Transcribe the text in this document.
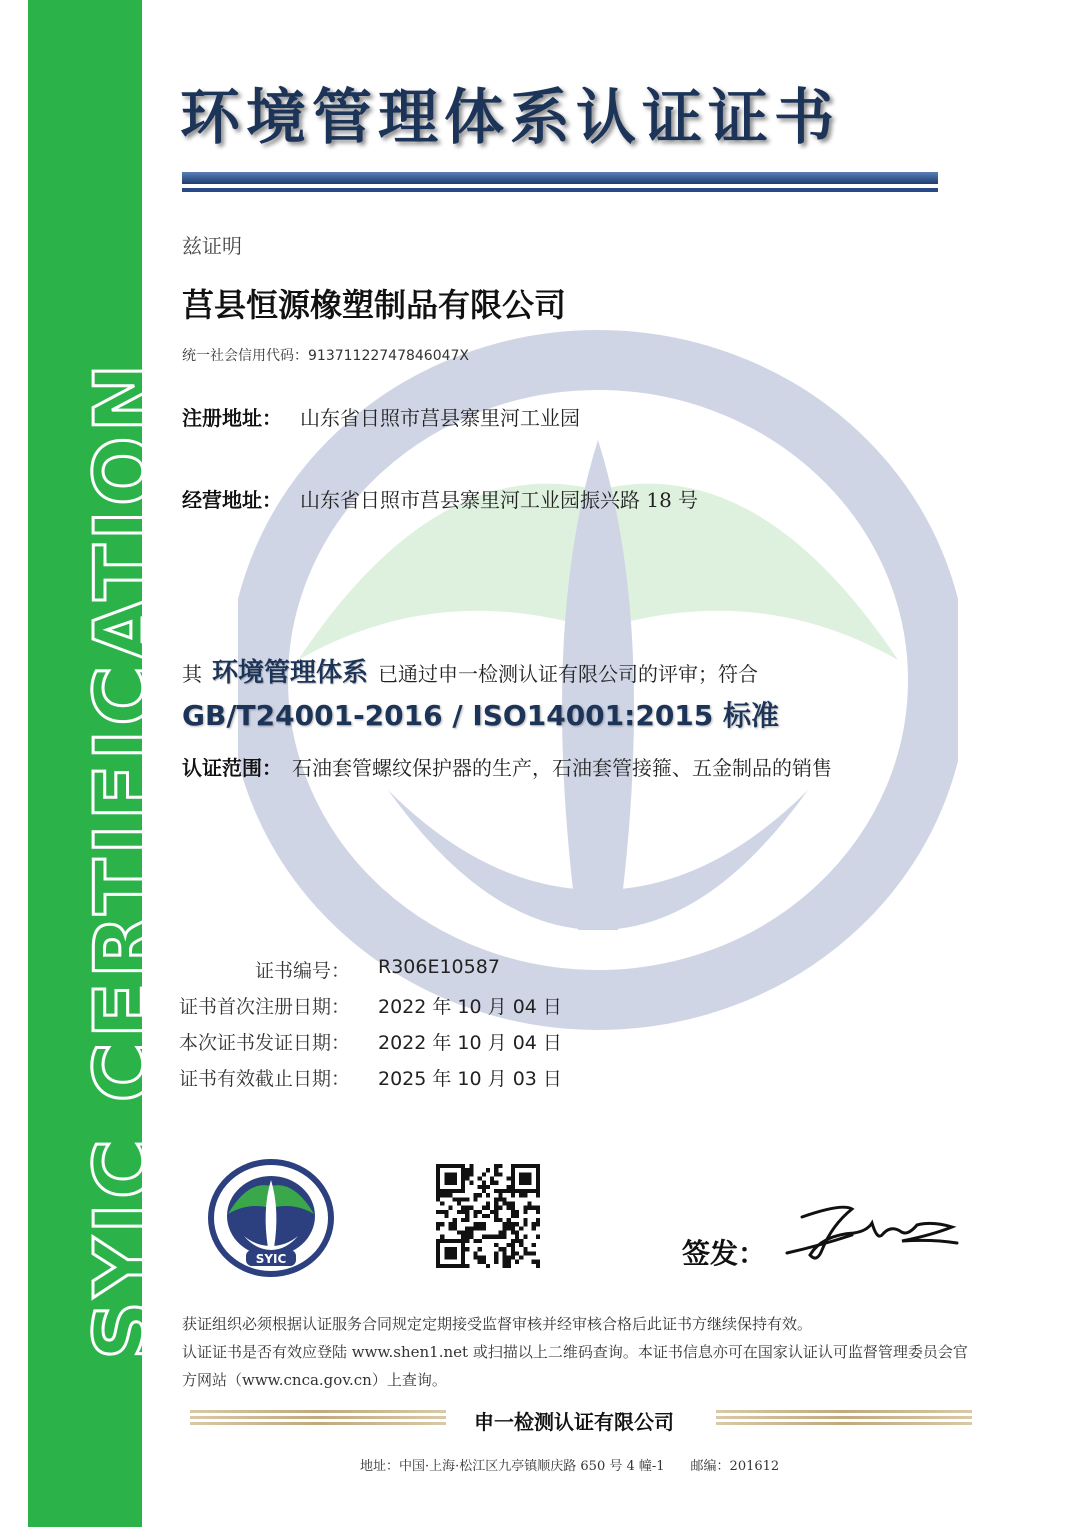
SYIC CERTIFICATION
环境管理体系认证证书
兹证明
莒县恒源橡塑制品有限公司
统一社会信用代码：91371122747846047X
注册地址： 山东省日照市莒县寨里河工业园
经营地址： 山东省日照市莒县寨里河工业园振兴路 18 号
其 环境管理体系 已通过申一检测认证有限公司的评审；符合
GB/T24001-2016 / ISO14001:2015 标准
认证范围： 石油套管螺纹保护器的生产，石油套管接箍、五金制品的销售
证书编号： R306E10587
证书首次注册日期： 2022 年 10 月 04 日
本次证书发证日期： 2022 年 10 月 04 日
证书有效截止日期： 2025 年 10 月 03 日
SYIC	签发：
获证组织必须根据认证服务合同规定定期接受监督审核并经审核合格后此证书方继续保持有效。
认证证书是否有效应登陆 www.shen1.net 或扫描以上二维码查询。本证书信息亦可在国家认证认可监督管理委员会官方网站（www.cnca.gov.cn）上查询。
申一检测认证有限公司
地址：中国·上海·松江区九亭镇顺庆路 650 号 4 幢-1　　邮编：201612
